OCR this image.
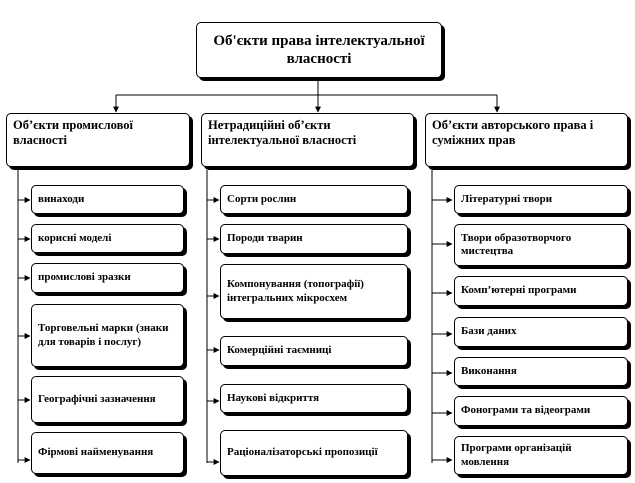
Об'єкти права інтелектуальної власності
Об’єкти промислової власності
Нетрадиційні об’єкти інтелектуальної власності
Об’єкти авторського права і суміжних прав
винаходи
корисні моделі
промислові зразки
Торговельні марки (знаки для товарів і послуг)
Географічні зазначення
Фірмові найменування
Сорти рослин
Породи тварин
Компонування (топографії) інтегральних мікросхем
Комерційні таємниці
Наукові відкриття
Раціоналізаторські пропозиції
Літературні твори
Твори образотворчого мистецтва
Комп’ютерні програми
Бази даних
Виконання
Фонограми та відеограми
Програми організацій мовлення
